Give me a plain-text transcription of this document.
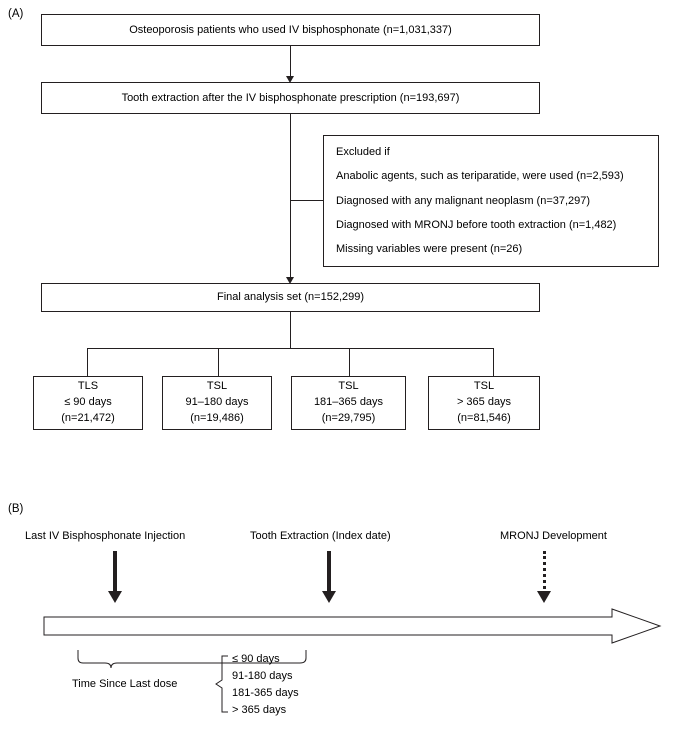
(A)
Osteoporosis patients who used IV bisphosphonate (n=1,031,337)
Tooth extraction after the IV bisphosphonate prescription (n=193,697)
Excluded if
Anabolic agents, such as teriparatide, were used (n=2,593)
Diagnosed with any malignant neoplasm (n=37,297)
Diagnosed with MRONJ before tooth extraction (n=1,482)
Missing variables were present (n=26)
Final analysis set (n=152,299)
TLS
≤ 90 days
(n=21,472)
TSL
91–180 days
(n=19,486)
TSL
181–365 days
(n=29,795)
TSL
> 365 days
(n=81,546)
(B)
Last IV Bisphosphonate Injection	Tooth Extraction (Index date)	MRONJ Development
Time Since Last dose
≤ 90 days
91-180 days
181-365 days
> 365 days
